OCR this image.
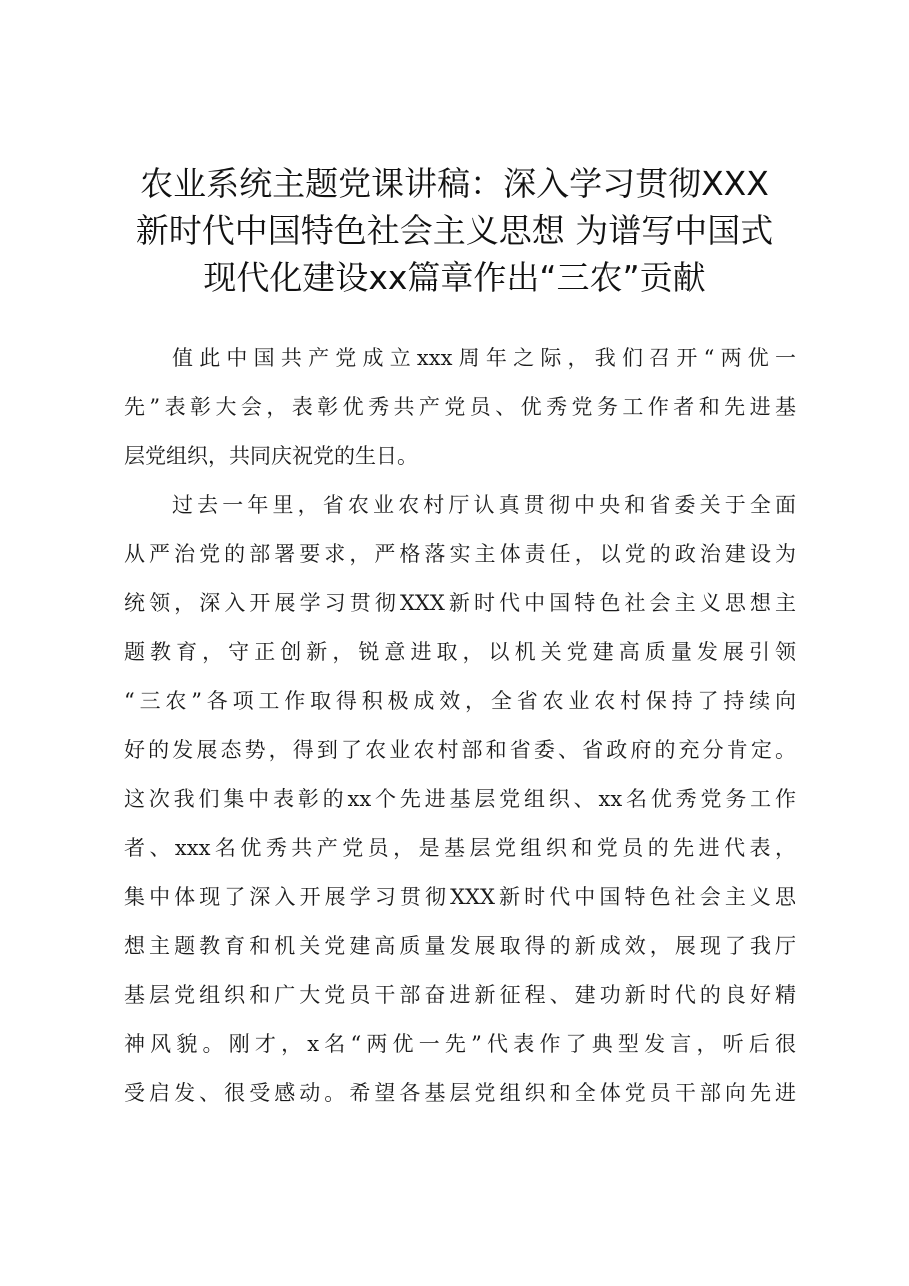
农业系统主题党课讲稿：深入学习贯彻XXX
新时代中国特色社会主义思想 为谱写中国式
现代化建设xx篇章作出“三农”贡献
值此中国共产党成立xxx周年之际，我们召开“两优一
先”表彰大会，表彰优秀共产党员、优秀党务工作者和先进基
层党组织，共同庆祝党的生日。
过去一年里，省农业农村厅认真贯彻中央和省委关于全面
从严治党的部署要求，严格落实主体责任，以党的政治建设为
统领，深入开展学习贯彻XXX新时代中国特色社会主义思想主
题教育，守正创新，锐意进取，以机关党建高质量发展引领
“三农”各项工作取得积极成效，全省农业农村保持了持续向
好的发展态势，得到了农业农村部和省委、省政府的充分肯定。
这次我们集中表彰的xx个先进基层党组织、xx名优秀党务工作
者、xxx名优秀共产党员，是基层党组织和党员的先进代表，
集中体现了深入开展学习贯彻XXX新时代中国特色社会主义思
想主题教育和机关党建高质量发展取得的新成效，展现了我厅
基层党组织和广大党员干部奋进新征程、建功新时代的良好精
神风貌。刚才，x名“两优一先”代表作了典型发言，听后很
受启发、很受感动。希望各基层党组织和全体党员干部向先进
